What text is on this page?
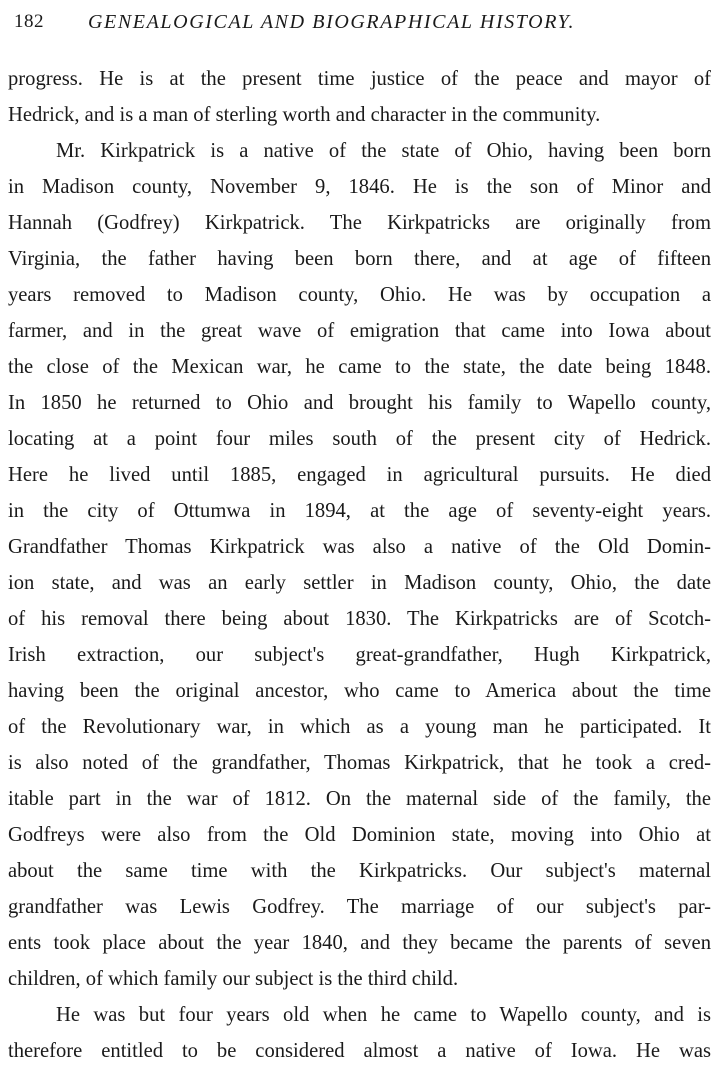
182 GENEALOGICAL AND BIOGRAPHICAL HISTORY.
progress. He is at the present time justice of the peace and mayor of
Hedrick, and is a man of sterling worth and character in the community.
Mr. Kirkpatrick is a native of the state of Ohio, having been born
in Madison county, November 9, 1846. He is the son of Minor and
Hannah (Godfrey) Kirkpatrick. The Kirkpatricks are originally from
Virginia, the father having been born there, and at age of fifteen
years removed to Madison county, Ohio. He was by occupation a
farmer, and in the great wave of emigration that came into Iowa about
the close of the Mexican war, he came to the state, the date being 1848.
In 1850 he returned to Ohio and brought his family to Wapello county,
locating at a point four miles south of the present city of Hedrick.
Here he lived until 1885, engaged in agricultural pursuits. He died
in the city of Ottumwa in 1894, at the age of seventy-eight years.
Grandfather Thomas Kirkpatrick was also a native of the Old Domin-
ion state, and was an early settler in Madison county, Ohio, the date
of his removal there being about 1830. The Kirkpatricks are of Scotch-
Irish extraction, our subject's great-grandfather, Hugh Kirkpatrick,
having been the original ancestor, who came to America about the time
of the Revolutionary war, in which as a young man he participated. It
is also noted of the grandfather, Thomas Kirkpatrick, that he took a cred-
itable part in the war of 1812. On the maternal side of the family, the
Godfreys were also from the Old Dominion state, moving into Ohio at
about the same time with the Kirkpatricks. Our subject's maternal
grandfather was Lewis Godfrey. The marriage of our subject's par-
ents took place about the year 1840, and they became the parents of seven
children, of which family our subject is the third child.
He was but four years old when he came to Wapello county, and is
therefore entitled to be considered almost a native of Iowa. He was
